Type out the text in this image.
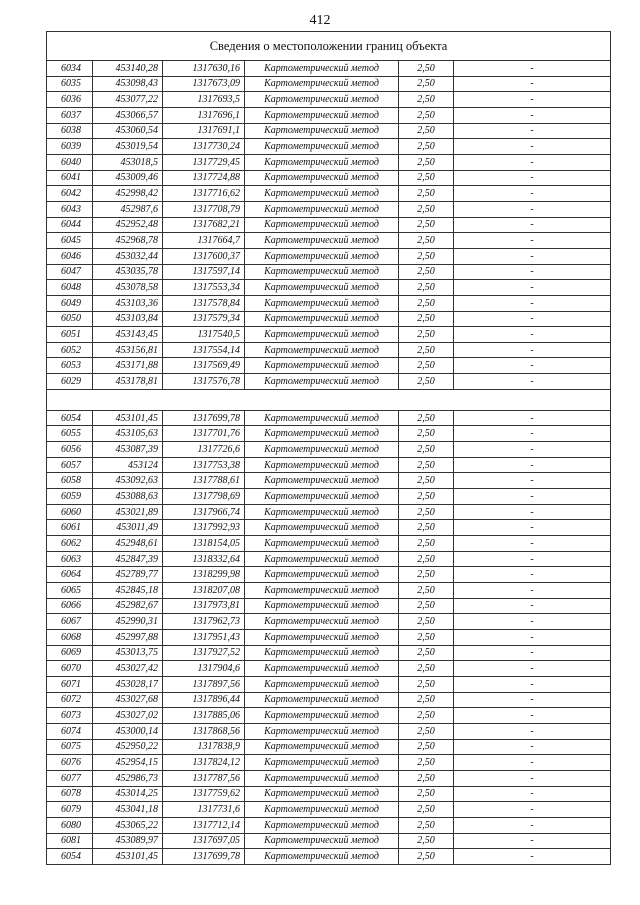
412
Сведения о местоположении границ объекта					
6034	453140,28	1317630,16	Картометрический метод	2,50	-
6035	453098,43	1317673,09	Картометрический метод	2,50	-
6036	453077,22	1317693,5	Картометрический метод	2,50	-
6037	453066,57	1317696,1	Картометрический метод	2,50	-
6038	453060,54	1317691,1	Картометрический метод	2,50	-
6039	453019,54	1317730,24	Картометрический метод	2,50	-
6040	453018,5	1317729,45	Картометрический метод	2,50	-
6041	453009,46	1317724,88	Картометрический метод	2,50	-
6042	452998,42	1317716,62	Картометрический метод	2,50	-
6043	452987,6	1317708,79	Картометрический метод	2,50	-
6044	452952,48	1317682,21	Картометрический метод	2,50	-
6045	452968,78	1317664,7	Картометрический метод	2,50	-
6046	453032,44	1317600,37	Картометрический метод	2,50	-
6047	453035,78	1317597,14	Картометрический метод	2,50	-
6048	453078,58	1317553,34	Картометрический метод	2,50	-
6049	453103,36	1317578,84	Картометрический метод	2,50	-
6050	453103,84	1317579,34	Картометрический метод	2,50	-
6051	453143,45	1317540,5	Картометрический метод	2,50	-
6052	453156,81	1317554,14	Картометрический метод	2,50	-
6053	453171,88	1317569,49	Картометрический метод	2,50	-
6029	453178,81	1317576,78	Картометрический метод	2,50	-

6054	453101,45	1317699,78	Картометрический метод	2,50	-
6055	453105,63	1317701,76	Картометрический метод	2,50	-
6056	453087,39	1317726,6	Картометрический метод	2,50	-
6057	453124	1317753,38	Картометрический метод	2,50	-
6058	453092,63	1317788,61	Картометрический метод	2,50	-
6059	453088,63	1317798,69	Картометрический метод	2,50	-
6060	453021,89	1317966,74	Картометрический метод	2,50	-
6061	453011,49	1317992,93	Картометрический метод	2,50	-
6062	452948,61	1318154,05	Картометрический метод	2,50	-
6063	452847,39	1318332,64	Картометрический метод	2,50	-
6064	452789,77	1318299,98	Картометрический метод	2,50	-
6065	452845,18	1318207,08	Картометрический метод	2,50	-
6066	452982,67	1317973,81	Картометрический метод	2,50	-
6067	452990,31	1317962,73	Картометрический метод	2,50	-
6068	452997,88	1317951,43	Картометрический метод	2,50	-
6069	453013,75	1317927,52	Картометрический метод	2,50	-
6070	453027,42	1317904,6	Картометрический метод	2,50	-
6071	453028,17	1317897,56	Картометрический метод	2,50	-
6072	453027,68	1317896,44	Картометрический метод	2,50	-
6073	453027,02	1317885,06	Картометрический метод	2,50	-
6074	453000,14	1317868,56	Картометрический метод	2,50	-
6075	452950,22	1317838,9	Картометрический метод	2,50	-
6076	452954,15	1317824,12	Картометрический метод	2,50	-
6077	452986,73	1317787,56	Картометрический метод	2,50	-
6078	453014,25	1317759,62	Картометрический метод	2,50	-
6079	453041,18	1317731,6	Картометрический метод	2,50	-
6080	453065,22	1317712,14	Картометрический метод	2,50	-
6081	453089,97	1317697,05	Картометрический метод	2,50	-
6054	453101,45	1317699,78	Картометрический метод	2,50	-
